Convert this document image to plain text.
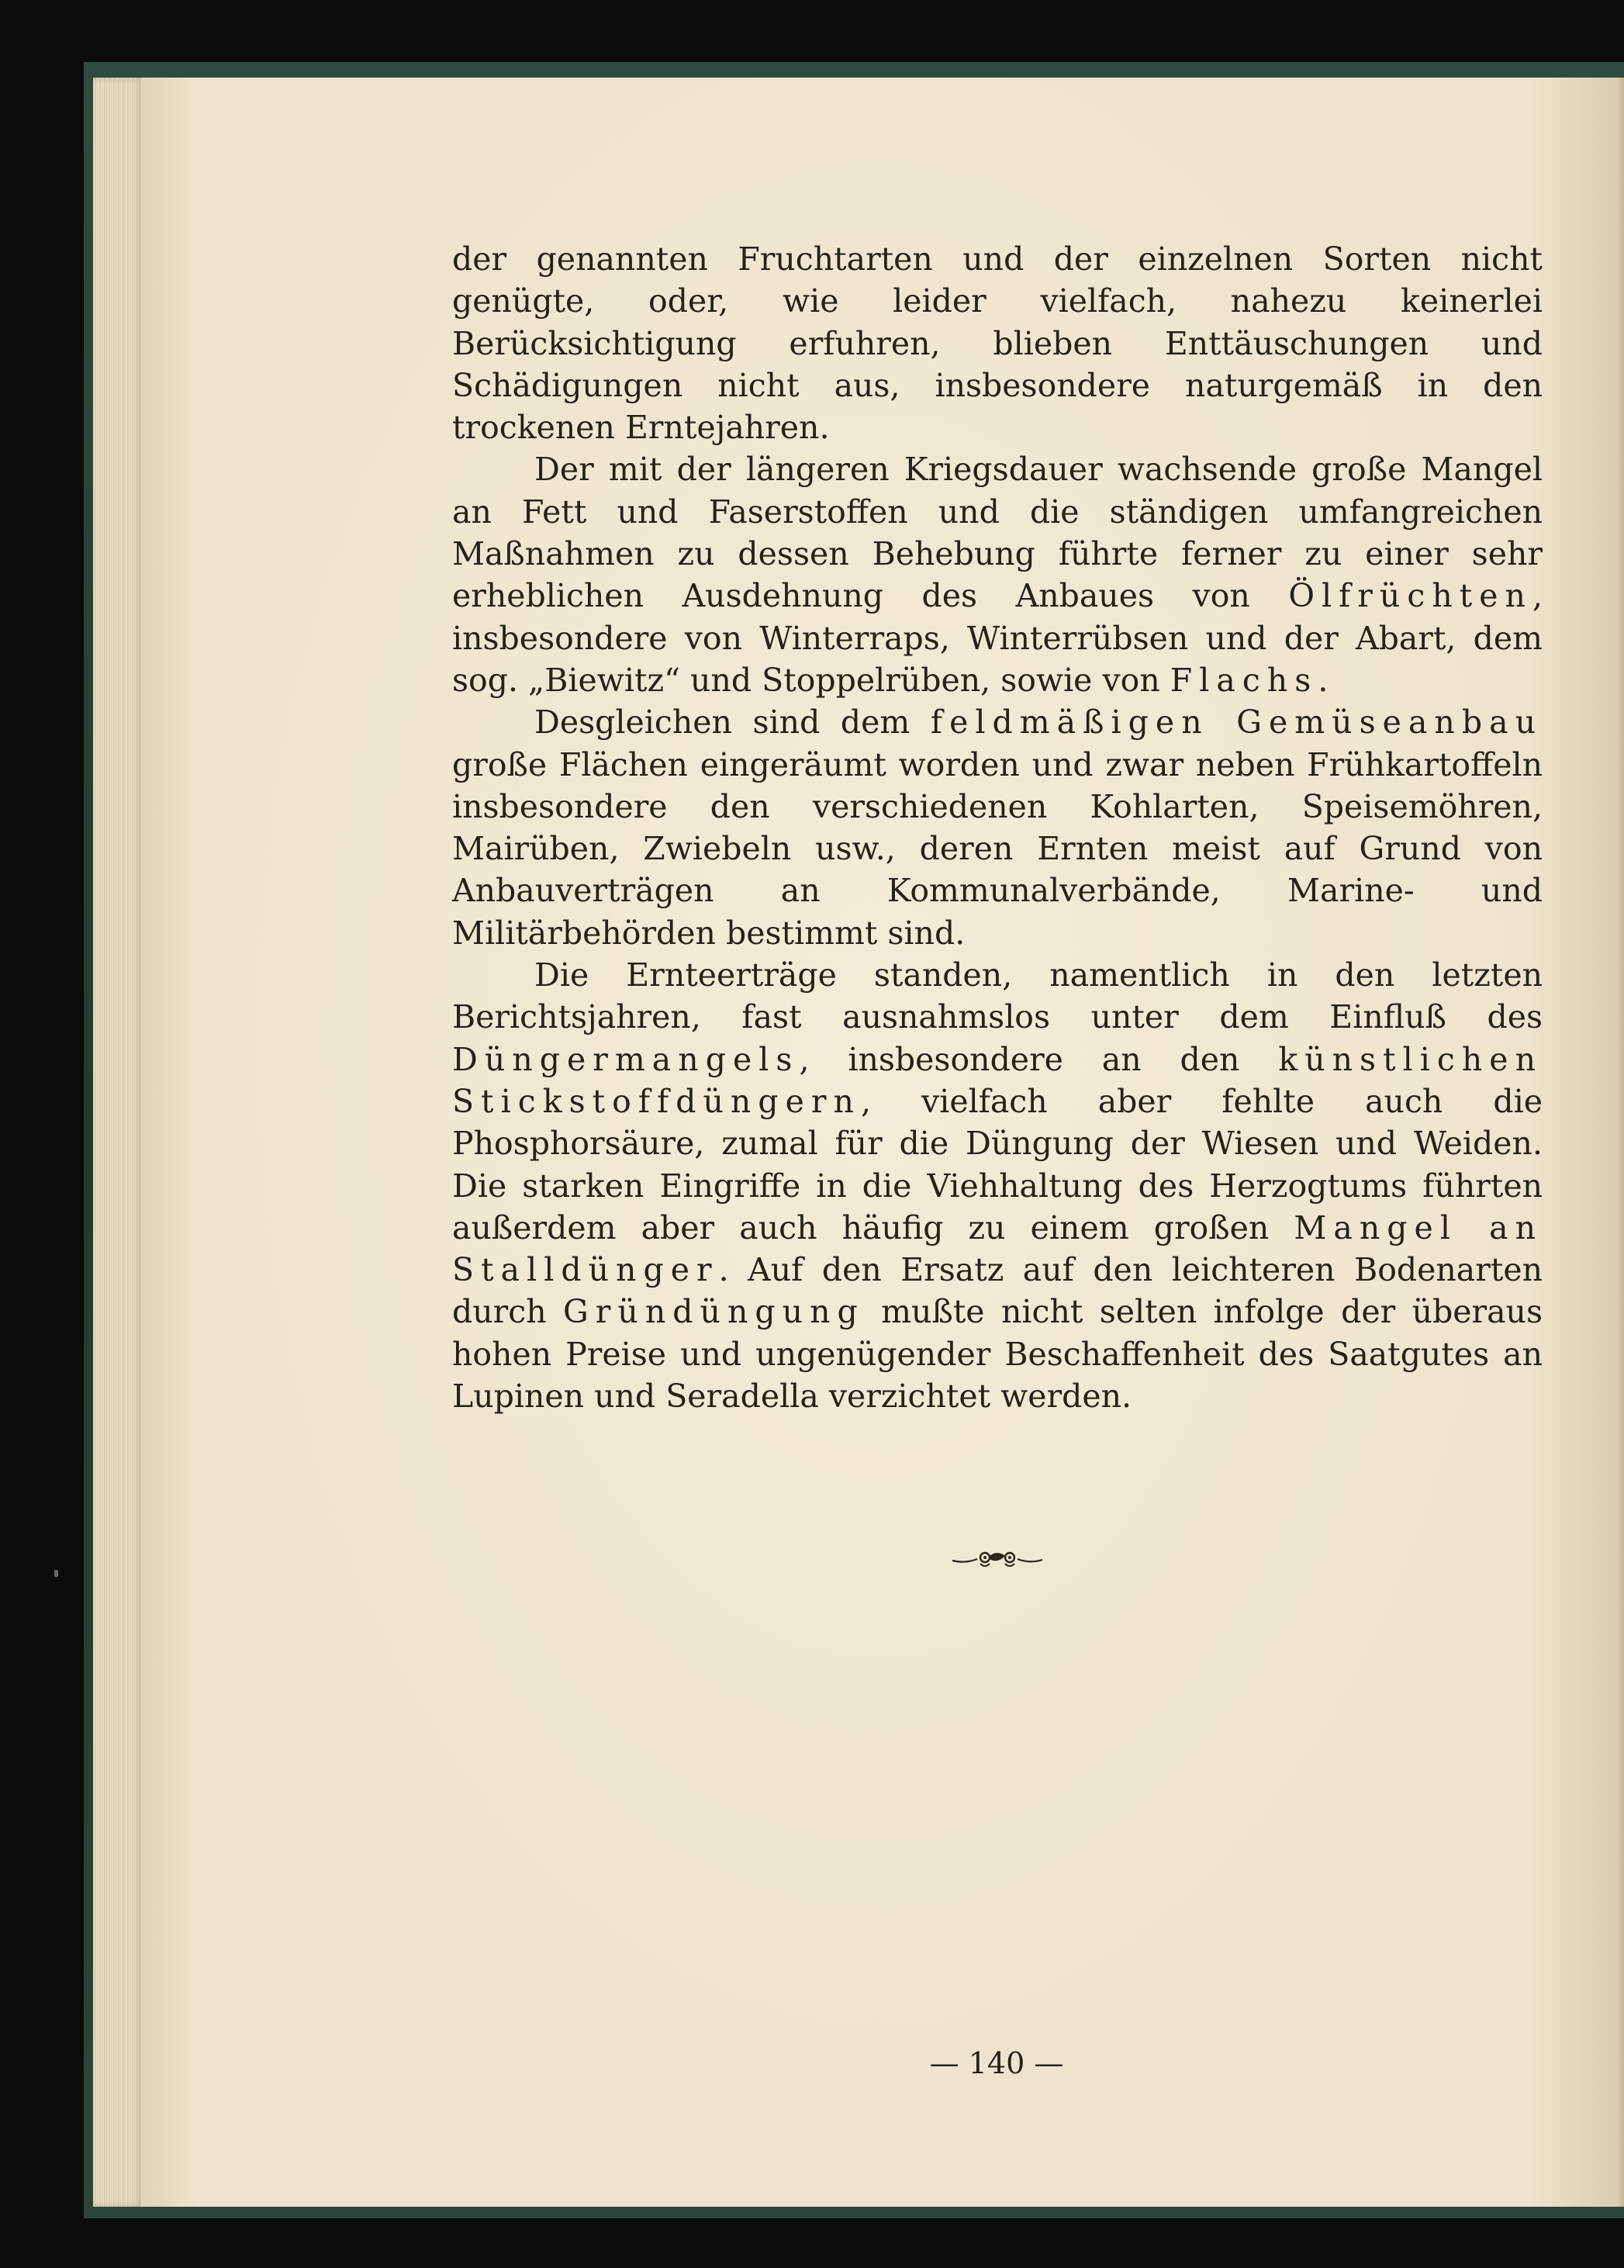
der genannten Fruchtarten und der einzelnen Sorten nicht genügte, oder, wie leider vielfach, nahezu keinerlei Berücksichtigung erfuhren, blieben Enttäuschungen und Schädigungen nicht aus, insbesondere naturgemäß in den trockenen Erntejahren.

Der mit der längeren Kriegsdauer wachsende große Mangel an Fett und Faserstoffen und die ständigen umfangreichen Maßnahmen zu dessen Behebung führte ferner zu einer sehr erheblichen Ausdehnung des Anbaues von Ölfrüchten, insbesondere von Winterraps, Winterrübsen und der Abart, dem sog. „Biewitz“ und Stoppelrüben, sowie von Flachs.

Desgleichen sind dem feldmäßigen Gemüseanbau große Flächen eingeräumt worden und zwar neben Frühkartoffeln insbesondere den verschiedenen Kohlarten, Speisemöhren, Mairüben, Zwiebeln usw., deren Ernten meist auf Grund von Anbauverträgen an Kommunalverbände, Marine- und Militärbehörden bestimmt sind.

Die Ernteerträge standen, namentlich in den letzten Berichtsjahren, fast ausnahmslos unter dem Einfluß des Düngermangels, insbesondere an den künstlichen Stickstoffdüngern, vielfach aber fehlte auch die Phosphorsäure, zumal für die Düngung der Wiesen und Weiden. Die starken Eingriffe in die Viehhaltung des Herzogtums führten außerdem aber auch häufig zu einem großen Mangel an Stalldünger. Auf den Ersatz auf den leichteren Bodenarten durch Gründüngung mußte nicht selten infolge der überaus hohen Preise und ungenügender Beschaffenheit des Saatgutes an Lupinen und Seradella verzichtet werden.

— 140 —
